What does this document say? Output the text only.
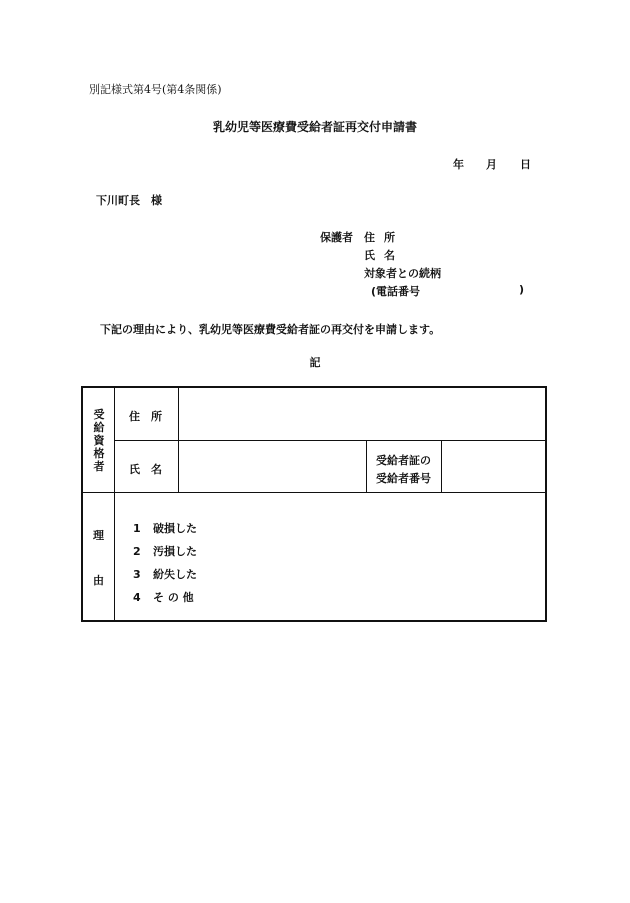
別記様式第4号(第4条関係)
乳幼児等医療費受給者証再交付申請書
年 月 日
下川町長　様
保護者 住所
氏名
対象者との続柄
(電話番号	)
下記の理由により、乳幼児等医療費受給者証の再交付を申請します。
記
受給資格者
住　所
氏　名
受給者証の
受給者番号
理
由
1 破損した
2 汚損した
3 紛失した
4 そ の 他
